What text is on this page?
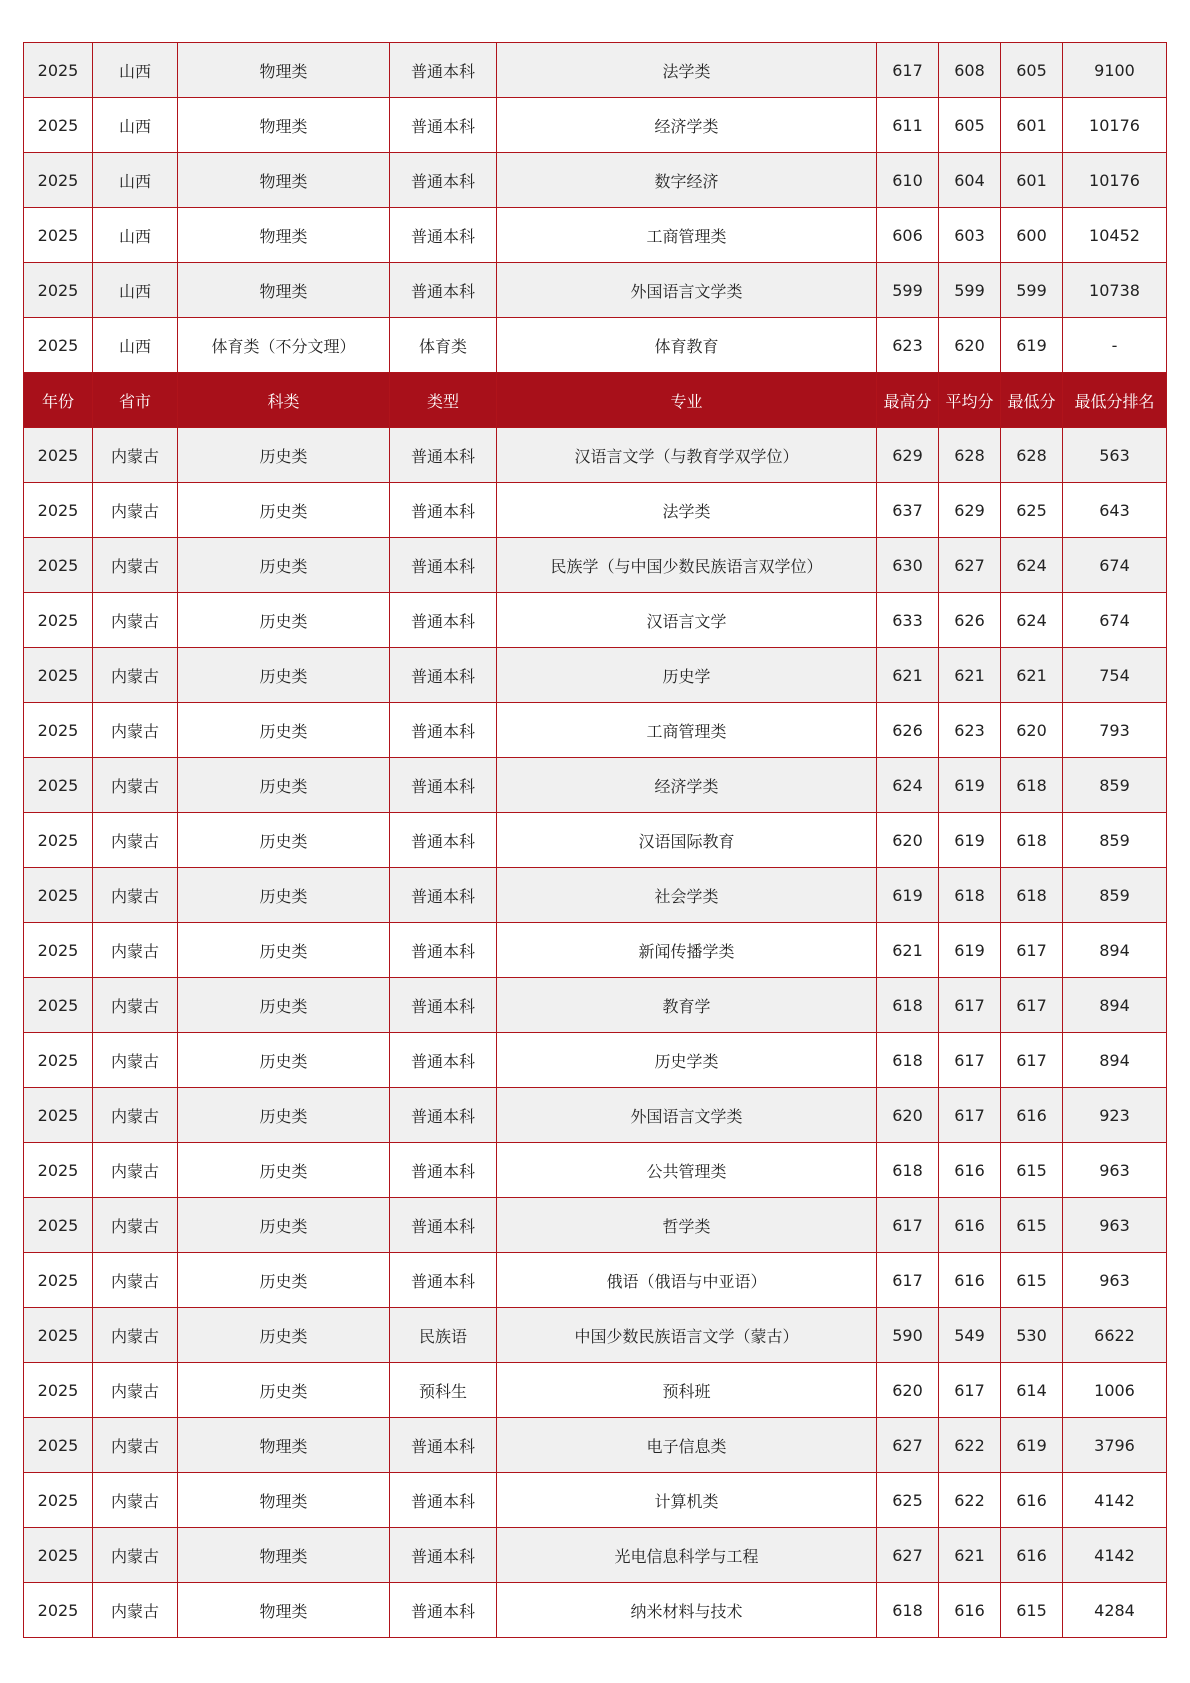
2025	山西	物理类	普通本科	法学类	617	608	605	9100
2025	山西	物理类	普通本科	经济学类	611	605	601	10176
2025	山西	物理类	普通本科	数字经济	610	604	601	10176
2025	山西	物理类	普通本科	工商管理类	606	603	600	10452
2025	山西	物理类	普通本科	外国语言文学类	599	599	599	10738
2025	山西	体育类（不分文理）	体育类	体育教育	623	620	619	-
年份	省市	科类	类型	专业	最高分	平均分	最低分	最低分排名
2025	内蒙古	历史类	普通本科	汉语言文学（与教育学双学位）	629	628	628	563
2025	内蒙古	历史类	普通本科	法学类	637	629	625	643
2025	内蒙古	历史类	普通本科	民族学（与中国少数民族语言双学位）	630	627	624	674
2025	内蒙古	历史类	普通本科	汉语言文学	633	626	624	674
2025	内蒙古	历史类	普通本科	历史学	621	621	621	754
2025	内蒙古	历史类	普通本科	工商管理类	626	623	620	793
2025	内蒙古	历史类	普通本科	经济学类	624	619	618	859
2025	内蒙古	历史类	普通本科	汉语国际教育	620	619	618	859
2025	内蒙古	历史类	普通本科	社会学类	619	618	618	859
2025	内蒙古	历史类	普通本科	新闻传播学类	621	619	617	894
2025	内蒙古	历史类	普通本科	教育学	618	617	617	894
2025	内蒙古	历史类	普通本科	历史学类	618	617	617	894
2025	内蒙古	历史类	普通本科	外国语言文学类	620	617	616	923
2025	内蒙古	历史类	普通本科	公共管理类	618	616	615	963
2025	内蒙古	历史类	普通本科	哲学类	617	616	615	963
2025	内蒙古	历史类	普通本科	俄语（俄语与中亚语）	617	616	615	963
2025	内蒙古	历史类	民族语	中国少数民族语言文学（蒙古）	590	549	530	6622
2025	内蒙古	历史类	预科生	预科班	620	617	614	1006
2025	内蒙古	物理类	普通本科	电子信息类	627	622	619	3796
2025	内蒙古	物理类	普通本科	计算机类	625	622	616	4142
2025	内蒙古	物理类	普通本科	光电信息科学与工程	627	621	616	4142
2025	内蒙古	物理类	普通本科	纳米材料与技术	618	616	615	4284
